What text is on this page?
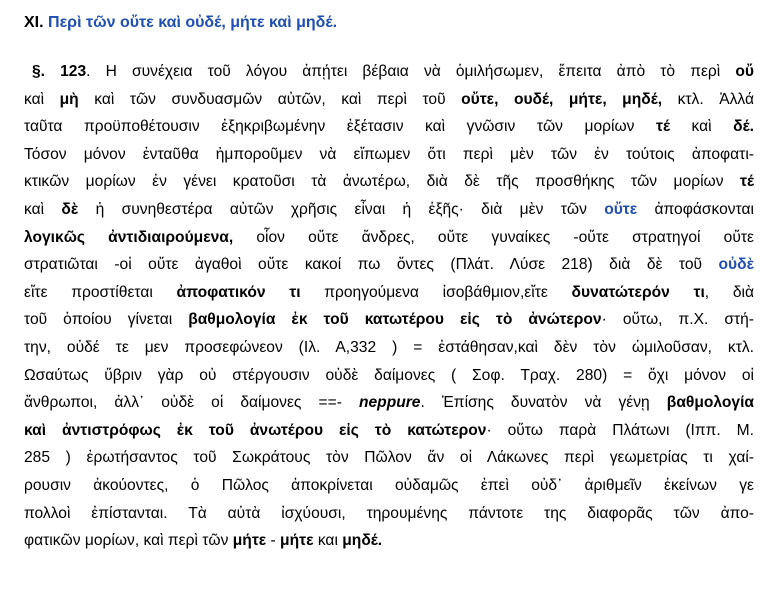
XI. Περὶ τῶν οὔτε καὶ οὐδέ, μήτε καὶ μηδέ.
§. 123. Η συνέχεια τοῦ λόγου ἀπῄτει βέβαια νὰ ὁμιλήσωμεν, ἔπειτα ἀπὸ τὸ περὶ οὔ
καὶ μὴ καὶ τῶν συνδυασμῶν αὐτῶν, καὶ περὶ τοῦ οὔτε, ουδέ, μήτε, μηδέ, κτλ. Ἀλλά
ταῦτα προϋποθέτουσιν ἐξηκριβωμένην ἐξέτασιν καὶ γνῶσιν τῶν μορίων τέ καὶ δέ.
Τόσον μόνον ἐνταῦθα ἠμποροῦμεν νὰ εἴπωμεν ὅτι περὶ μὲν τῶν ἐν τούτοις ἀποφατι-
κτικῶν μορίων ἐν γένει κρατοῦσι τὰ ἀνωτέρω, διὰ δὲ τῆς προσθήκης τῶν μορίων τέ
καὶ δὲ ἡ συνηθεστέρα αὐτῶν χρῆσις εἶναι ἡ ἑξῆς· διὰ μὲν τῶν οὔτε ἀποφάσκονται
λογικῶς ἀντιδιαιρούμενα, οἷον οὔτε ἄνδρες, οὔτε γυναίκες -οὔτε στρατηγοί οὔτε
στρατιῶται -οἱ οὔτε ἀγαθοὶ οὔτε κακοί πω ὄντες (Πλάτ. Λύσε 218) διὰ δὲ τοῦ οὐδὲ
εἴτε προστίθεται ἀποφατικόν τι προηγούμενα ἰσοβάθμιον,εἴτε δυνατώτερόν τι, διὰ
τοῦ ὁποίου γίνεται βαθμολογία ἐκ τοῦ κατωτέρου εἰς τὸ ἀνώτερον· οὕτω, π.Χ. στή-
την, οὐδέ τε μεν προσεφώνεον (Ιλ. Α,332 ) = ἐστάθησαν,καὶ δὲν τὸν ὡμιλοῦσαν, κτλ.
Ωσαύτως ὕβριν γὰρ οὐ στέργουσιν οὐδὲ δαίμονες ( Σοφ. Τραχ. 280) = ὄχι μόνον οἱ
ἄνθρωποι, ἀλλ᾿ οὐδὲ οἱ δαίμονες ==- neppure. Ἐπίσης δυνατὸν νὰ γένῃ βαθμολογία
καὶ ἀντιστρόφως ἐκ τοῦ ἀνωτέρου εἰς τὸ κατώτερον· οὕτω παρὰ Πλάτωνι (Ιππ. Μ.
285 ) ἐρωτήσαντος τοῦ Σωκράτους τὸν Πῶλον ἄν οἱ Λάκωνες περὶ γεωμετρίας τι χαί-
ρουσιν ἀκούοντες, ὁ Πῶλος ἀποκρίνεται οὐδαμῶς ἐπεὶ οὐδ᾿ ἀριθμεῖν ἐκείνων γε
πολλοὶ ἐπίστανται. Τὰ αὐτὰ ἰσχύουσι, τηρουμένης πάντοτε της διαφορᾶς τῶν ἀπο-
φατικῶν μορίων, καὶ περὶ τῶν μήτε - μήτε και μηδέ.
